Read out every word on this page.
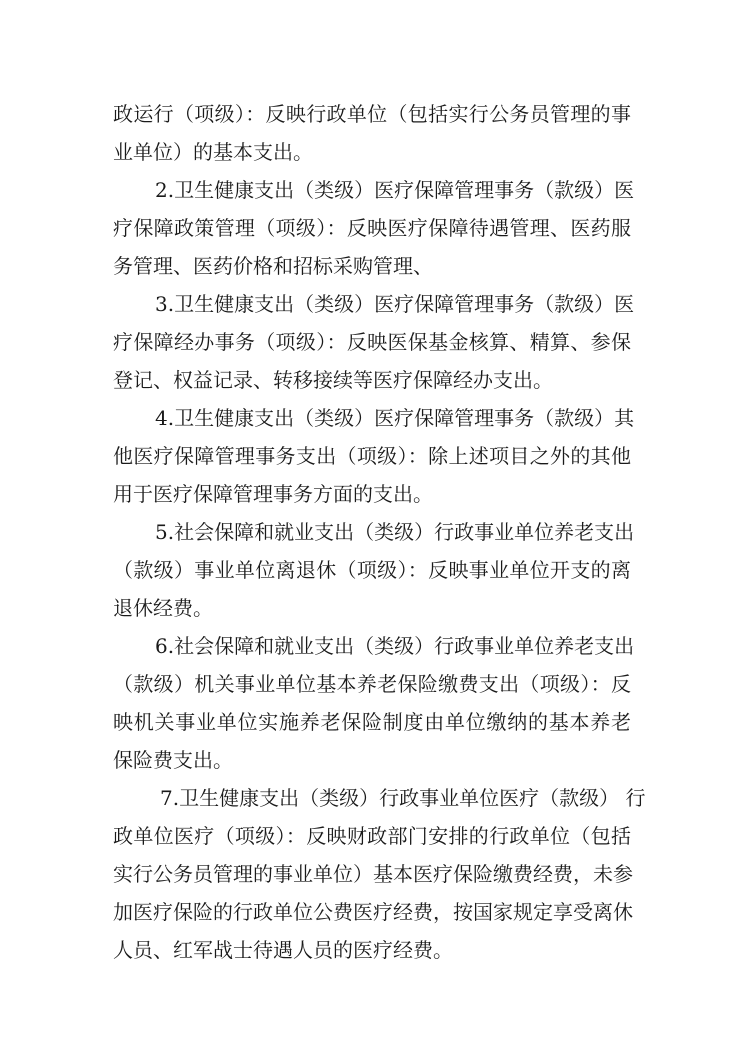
政运行（项级）：反映行政单位（包括实行公务员管理的事
业单位）的基本支出。
2.卫生健康支出（类级）医疗保障管理事务（款级）医
疗保障政策管理（项级）：反映医疗保障待遇管理、医药服
务管理、医药价格和招标采购管理、
3.卫生健康支出（类级）医疗保障管理事务（款级）医
疗保障经办事务（项级）：反映医保基金核算、精算、参保
登记、权益记录、转移接续等医疗保障经办支出。
4.卫生健康支出（类级）医疗保障管理事务（款级）其
他医疗保障管理事务支出（项级）：除上述项目之外的其他
用于医疗保障管理事务方面的支出。
5.社会保障和就业支出（类级）行政事业单位养老支出
（款级）事业单位离退休（项级）：反映事业单位开支的离
退休经费。
6.社会保障和就业支出（类级）行政事业单位养老支出
（款级）机关事业单位基本养老保险缴费支出（项级）：反
映机关事业单位实施养老保险制度由单位缴纳的基本养老
保险费支出。
7.卫生健康支出（类级）行政事业单位医疗（款级） 行
政单位医疗（项级）：反映财政部门安排的行政单位（包括
实行公务员管理的事业单位）基本医疗保险缴费经费，未参
加医疗保险的行政单位公费医疗经费，按国家规定享受离休
人员、红军战士待遇人员的医疗经费。
